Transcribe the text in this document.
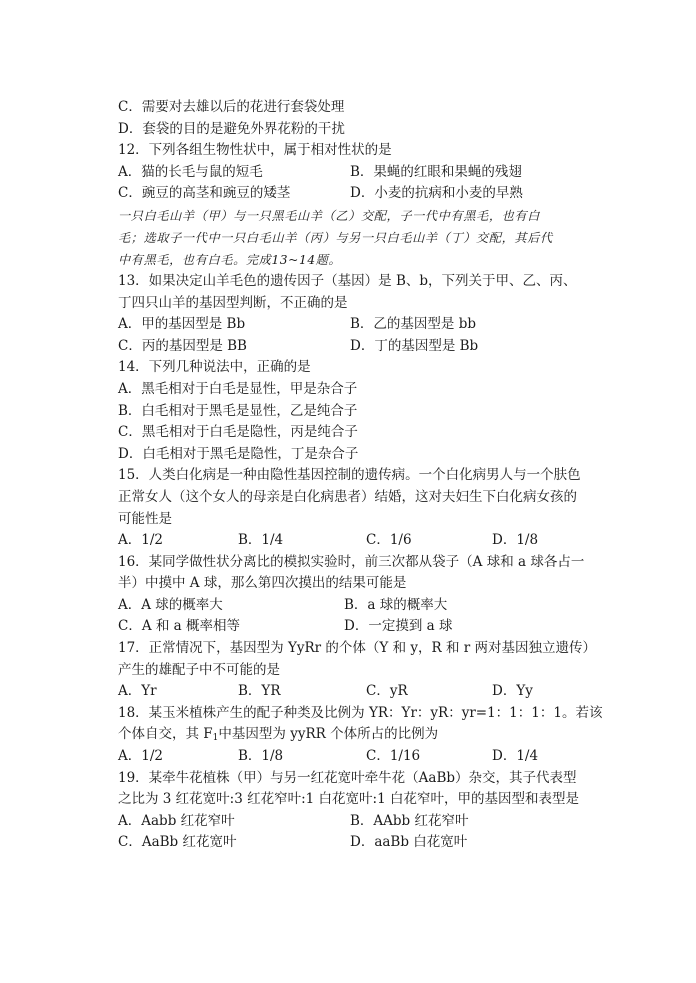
C．需要对去雄以后的花进行套袋处理
D．套袋的目的是避免外界花粉的干扰
12．下列各组生物性状中，属于相对性状的是
A．猫的长毛与鼠的短毛	B．果蝇的红眼和果蝇的残翅
C．豌豆的高茎和豌豆的矮茎	D．小麦的抗病和小麦的早熟
一只白毛山羊（甲）与一只黑毛山羊（乙）交配，子一代中有黑毛，也有白
毛；选取子一代中一只白毛山羊（丙）与另一只白毛山羊（丁）交配，其后代
中有黑毛，也有白毛。完成13~14题。
13．如果决定山羊毛色的遗传因子（基因）是 B、b，下列关于甲、乙、丙、
丁四只山羊的基因型判断，不正确的是
A．甲的基因型是 Bb	B．乙的基因型是 bb
C．丙的基因型是 BB	D．丁的基因型是 Bb
14．下列几种说法中，正确的是
A．黑毛相对于白毛是显性，甲是杂合子
B．白毛相对于黑毛是显性，乙是纯合子
C．黑毛相对于白毛是隐性，丙是纯合子
D．白毛相对于黑毛是隐性，丁是杂合子
15．人类白化病是一种由隐性基因控制的遗传病。一个白化病男人与一个肤色
正常女人（这个女人的母亲是白化病患者）结婚，这对夫妇生下白化病女孩的
可能性是
A．1/2	B．1/4	C．1/6	D．1/8
16．某同学做性状分离比的模拟实验时，前三次都从袋子（A 球和 a 球各占一
半）中摸中 A 球，那么第四次摸出的结果可能是
A．A 球的概率大	B．a 球的概率大
C．A 和 a 概率相等	D．一定摸到 a 球
17．正常情况下，基因型为 YyRr 的个体（Y 和 y，R 和 r 两对基因独立遗传）
产生的雄配子中不可能的是
A．Yr	B．YR	C．yR	D．Yy
18．某玉米植株产生的配子种类及比例为 YR：Yr：yR：yr=1：1：1：1。若该
个体自交，其 $F_1$中基因型为 yyRR 个体所占的比例为
A．1/2	B．1/8	C．1/16	D．1/4
19．某牵牛花植株（甲）与另一红花宽叶牵牛花（AaBb）杂交，其子代表型
之比为 3 红花宽叶:3 红花窄叶:1 白花宽叶:1 白花窄叶，甲的基因型和表型是
A．Aabb 红花窄叶	B．AAbb 红花窄叶
C．AaBb 红花宽叶	D．aaBb 白花宽叶
